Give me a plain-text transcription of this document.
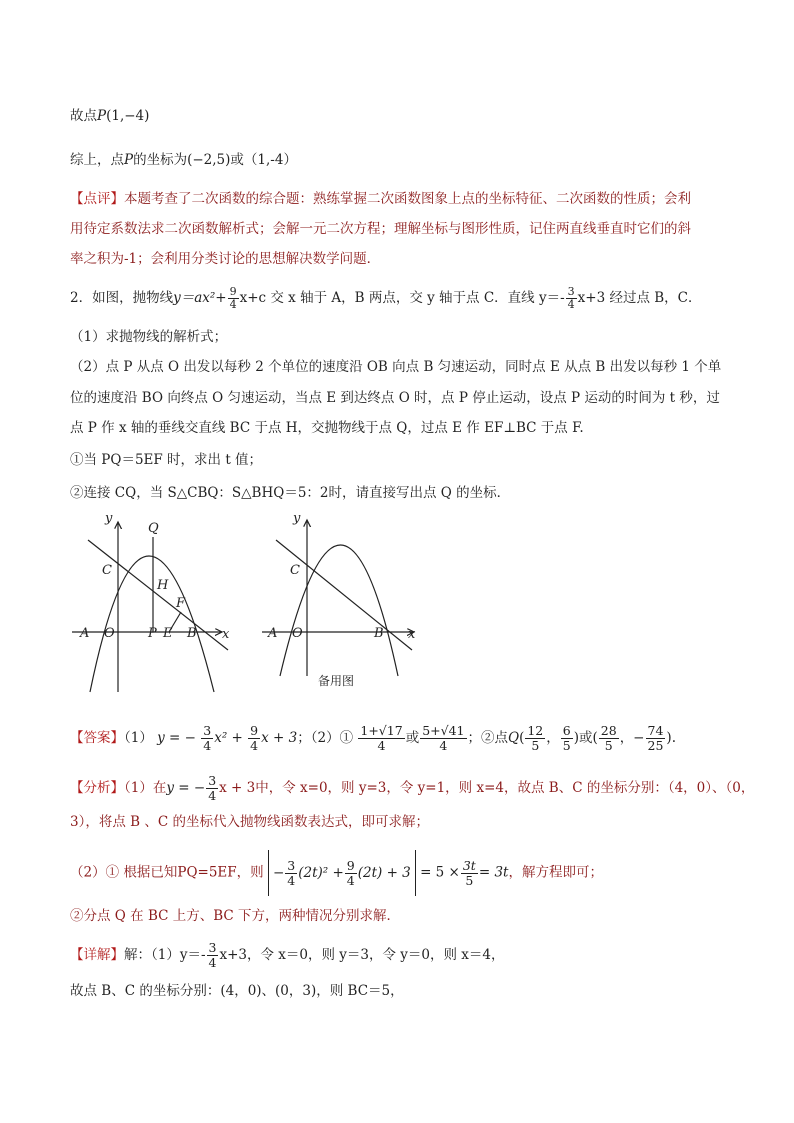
故点P(1,−4)
综上，点P的坐标为(−2,5)或（1,-4）
【点评】本题考查了二次函数的综合题：熟练掌握二次函数图象上点的坐标特征、二次函数的性质；会利
用待定系数法求二次函数解析式；会解一元二次方程；理解坐标与图形性质，记住两直线垂直时它们的斜
率之积为-1；会利用分类讨论的思想解决数学问题．
2．如图，抛物线$y=ax^2+ \frac{9}{4} x+c$ 交 x 轴于 A，B 两点，交 y 轴于点 C．直线 $y=- \frac{3}{4} x+3$ 经过点 B，C．
（1）求抛物线的解析式；
（2）点 P 从点 O 出发以每秒 2 个单位的速度沿 OB 向点 B 匀速运动，同时点 E 从点 B 出发以每秒 1 个单
位的速度沿 BO 向终点 O 匀速运动，当点 E 到达终点 O 时，点 P 停止运动，设点 P 运动的时间为 t 秒，过
点 P 作 x 轴的垂线交直线 BC 于点 H，交抛物线于点 Q，过点 E 作 EF⊥BC 于点 F.
①当 PQ＝5EF 时，求出 t 值；
②连接 CQ，当 S△CBQ：S△BHQ＝5：2时，请直接写出点 Q 的坐标．
y
x
O
A	B
C
Q
H
F
P E
y
x
O
A	B
C
备用图
【答案】（1） y = − $\frac{3}{4} x^2 + \frac{9}{4}$ x + 3；（2）① $\frac{1+√17}{4}$ 或 $\frac{5+√41}{4}$ ；②点$Q( \frac{12}{5}$ ， $\frac{6}{5}$ )或( $\frac{28}{5}$ ，− $\frac{74}{25}$ ).
【分析】（1）在y = − $\frac{3}{4}$ x + 3中，令 x=0，则 y=3，令 y=1，则 x=4，故点 B、C 的坐标分别：（4，0）、（0，
3），将点 B 、C 的坐标代入抛物线函数表达式，即可求解；
（2）① 根据已知PQ=5EF，则 − $\frac{3}{4} (2t)^2 + \frac{9}{4} (2t) + 3 = 5 \times \frac{3t}{5} = 3t$，解方程即可；
②分点 Q 在 BC 上方、BC 下方，两种情况分别求解．
【详解】解：$(1)y=- \frac{3}{4} x+3$，令 x＝0，则 y＝3，令 y＝0，则 x＝4，
故点 B、C 的坐标分别：(4，0)、(0，3)，则 BC＝5，
